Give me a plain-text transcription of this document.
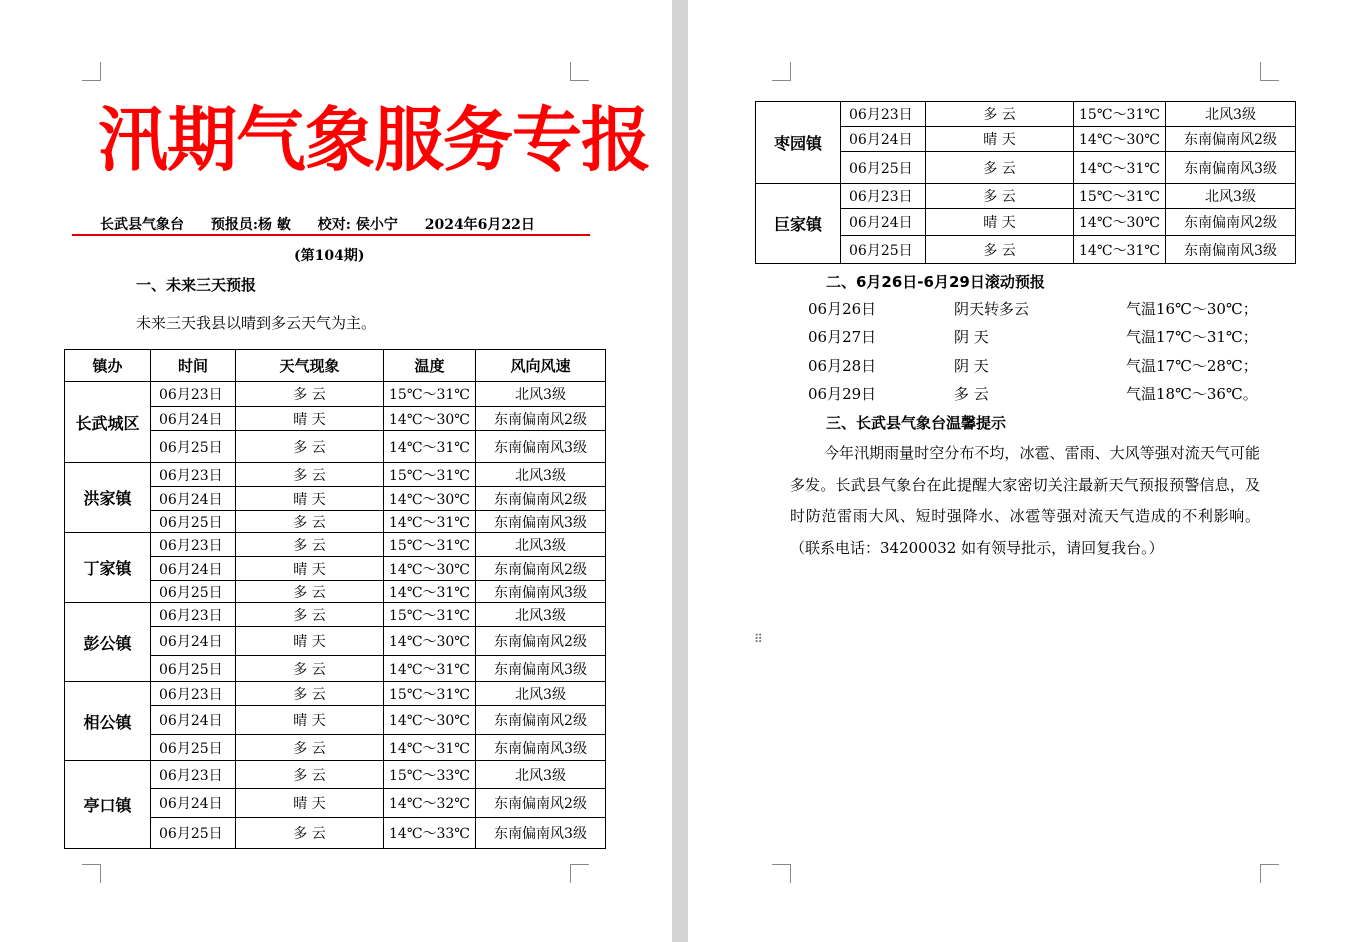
汛期气象服务专报
长武县气象台 预报员:杨 敏 校对: 侯小宁 2024年6月22日
(第104期)
一、未来三天预报
未来三天我县以晴到多云天气为主。
镇办	时间	天气现象	温度	风向风速
长武城区	06月23日	多 云	15℃～31℃	北风3级
	06月24日	晴 天	14℃～30℃	东南偏南风2级
	06月25日	多 云	14℃～31℃	东南偏南风3级
洪家镇	06月23日	多 云	15℃～31℃	北风3级
	06月24日	晴 天	14℃～30℃	东南偏南风2级
	06月25日	多 云	14℃～31℃	东南偏南风3级
丁家镇	06月23日	多 云	15℃～31℃	北风3级
	06月24日	晴 天	14℃～30℃	东南偏南风2级
	06月25日	多 云	14℃～31℃	东南偏南风3级
彭公镇	06月23日	多 云	15℃～31℃	北风3级
	06月24日	晴 天	14℃～30℃	东南偏南风2级
	06月25日	多 云	14℃～31℃	东南偏南风3级
相公镇	06月23日	多 云	15℃～31℃	北风3级
	06月24日	晴 天	14℃～30℃	东南偏南风2级
	06月25日	多 云	14℃～31℃	东南偏南风3级
亭口镇	06月23日	多 云	15℃～33℃	北风3级
	06月24日	晴 天	14℃～32℃	东南偏南风2级
	06月25日	多 云	14℃～33℃	东南偏南风3级
枣园镇	06月23日	多 云	15℃～31℃	北风3级
	06月24日	晴 天	14℃～30℃	东南偏南风2级
	06月25日	多 云	14℃～31℃	东南偏南风3级
巨家镇	06月23日	多 云	15℃～31℃	北风3级
	06月24日	晴 天	14℃～30℃	东南偏南风2级
	06月25日	多 云	14℃～31℃	东南偏南风3级
二、6月26日-6月29日滚动预报
06月26日	阴天转多云	气温16℃～30℃；
06月27日	阴 天	气温17℃～31℃；
06月28日	阴 天	气温17℃～28℃；
06月29日	多 云	气温18℃～36℃。
三、长武县气象台温馨提示
今年汛期雨量时空分布不均，冰雹、雷雨、大风等强对流天气可能多发。长武县气象台在此提醒大家密切关注最新天气预报预警信息，及时防范雷雨大风、短时强降水、冰雹等强对流天气造成的不利影响。（联系电话：34200032 如有领导批示，请回复我台。）
⠿
